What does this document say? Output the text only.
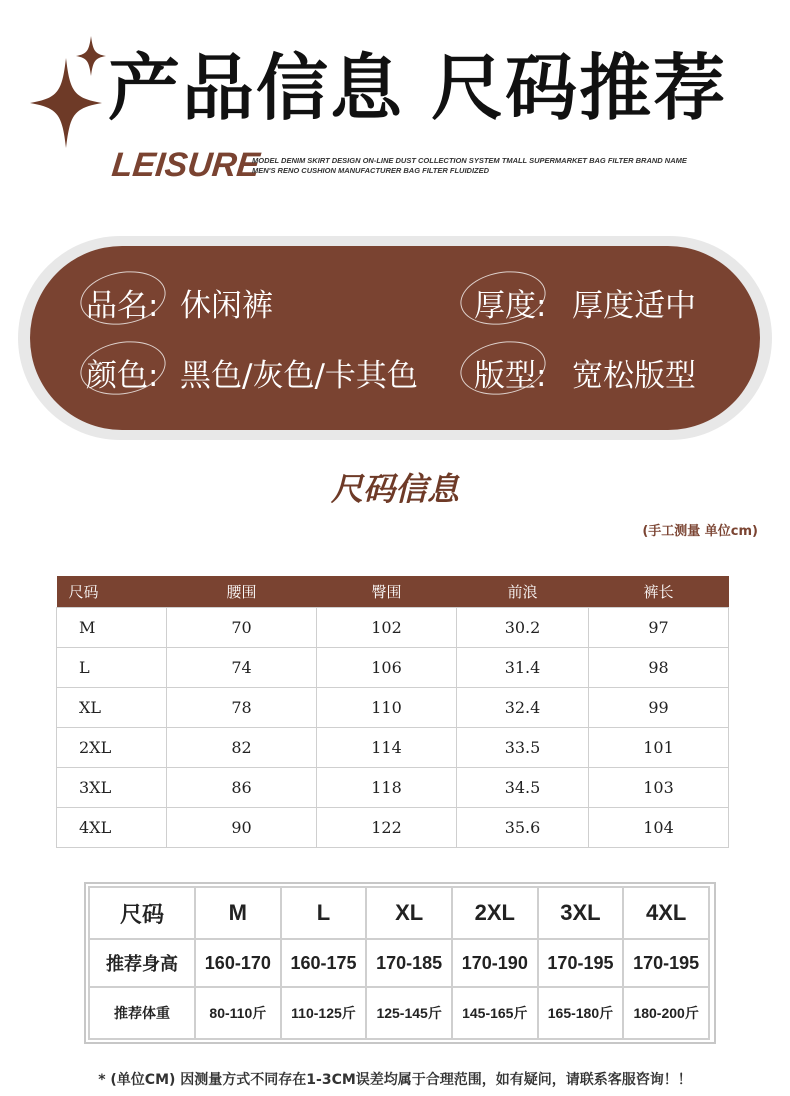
产品信息 尺码推荐
LEISURE
MODEL DENIM SKIRT DESIGN ON-LINE DUST COLLECTION SYSTEM TMALL SUPERMARKET BAG FILTER BRAND NAME MEN'S RENO CUSHION MANUFACTURER BAG FILTER FLUIDIZED
品名: 休闲裤	厚度: 厚度适中
颜色: 黑色/灰色/卡其色 版型: 宽松版型
尺码信息
(手工测量 单位cm)
尺码	腰围	臀围	前浪	裤长
M	70	102	30.2	97
L	74	106	31.4	98
XL	78	110	32.4	99
2XL	82	114	33.5	101
3XL	86	118	34.5	103
4XL	90	122	35.6	104
尺码	M	L	XL	2XL	3XL	4XL
推荐身高	160-170	160-175	170-185	170-190	170-195	170-195
推荐体重	80-110斤	110-125斤	125-145斤	145-165斤	165-180斤	180-200斤
* (单位CM) 因测量方式不同存在1-3CM误差均属于合理范围，如有疑问，请联系客服咨询！！
